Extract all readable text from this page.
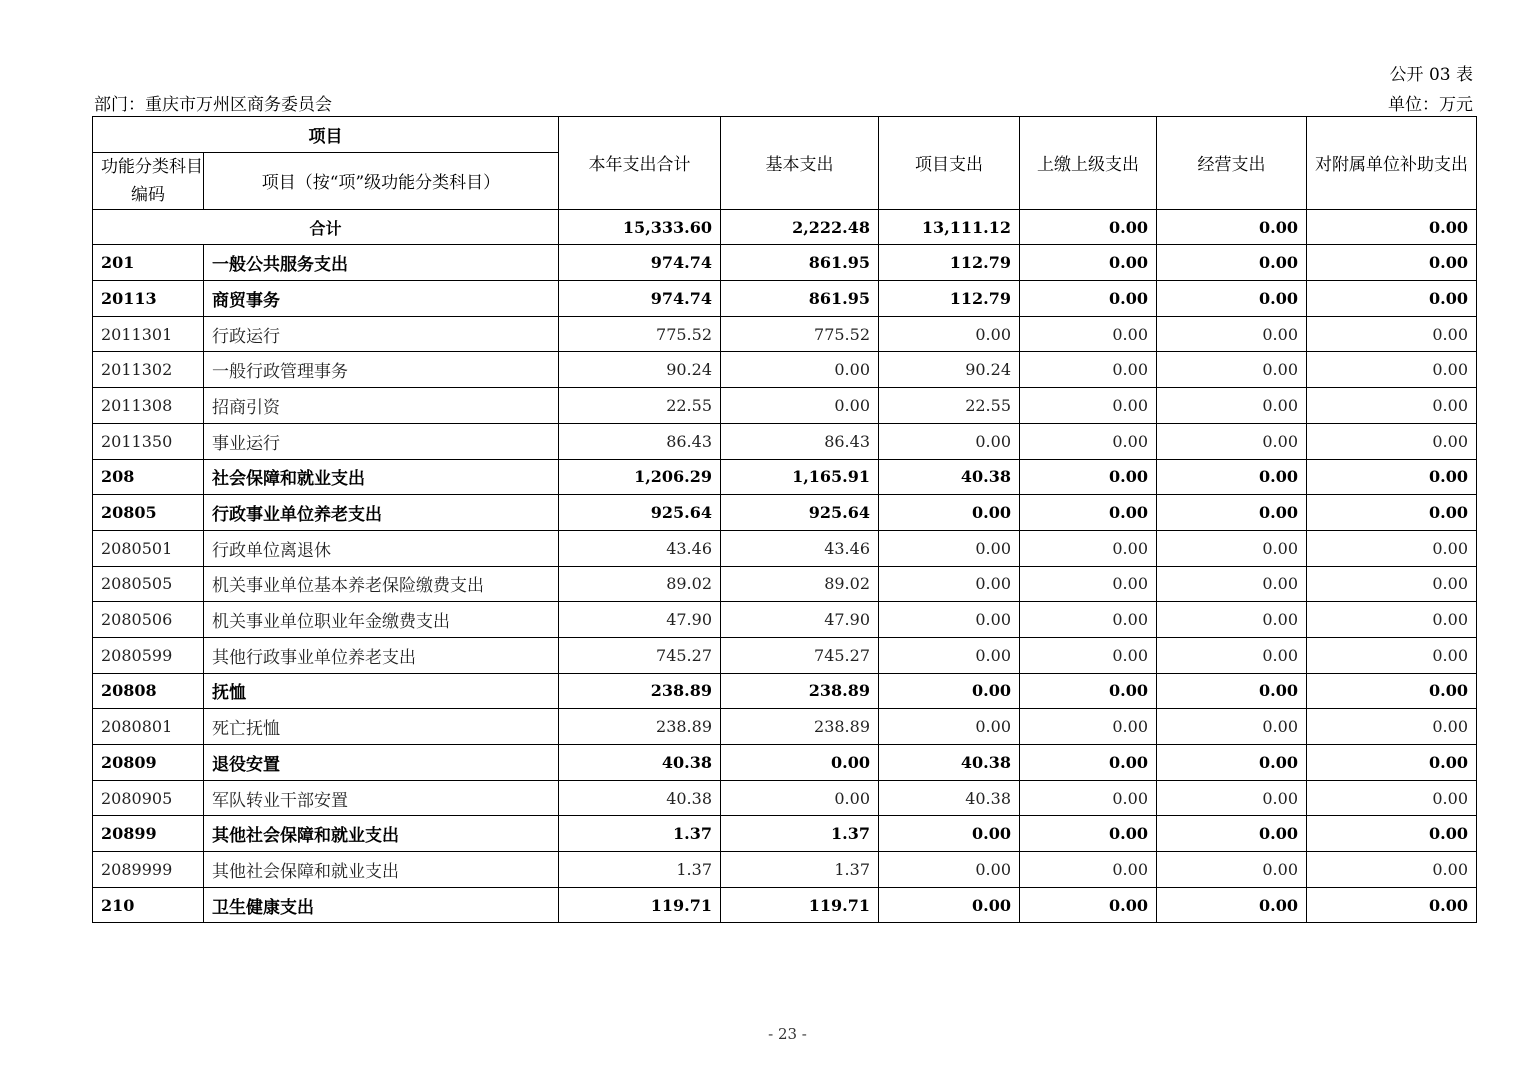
公开 03 表
部门：重庆市万州区商务委员会	单位：万元
项目		本年支出合计	基本支出	项目支出	上缴上级支出	经营支出	对附属单位补助支出

功能分类科目
编码	项目（按“项”级功能分类科目）						
合计		15,333.60	2,222.48	13,111.12	0.00	0.00	0.00
201	一般公共服务支出	974.74	861.95	112.79	0.00	0.00	0.00
20113	商贸事务	974.74	861.95	112.79	0.00	0.00	0.00
2011301	行政运行	775.52	775.52	0.00	0.00	0.00	0.00
2011302	一般行政管理事务	90.24	0.00	90.24	0.00	0.00	0.00
2011308	招商引资	22.55	0.00	22.55	0.00	0.00	0.00
2011350	事业运行	86.43	86.43	0.00	0.00	0.00	0.00
208	社会保障和就业支出	1,206.29	1,165.91	40.38	0.00	0.00	0.00
20805	行政事业单位养老支出	925.64	925.64	0.00	0.00	0.00	0.00
2080501	行政单位离退休	43.46	43.46	0.00	0.00	0.00	0.00
2080505	机关事业单位基本养老保险缴费支出	89.02	89.02	0.00	0.00	0.00	0.00
2080506	机关事业单位职业年金缴费支出	47.90	47.90	0.00	0.00	0.00	0.00
2080599	其他行政事业单位养老支出	745.27	745.27	0.00	0.00	0.00	0.00
20808	抚恤	238.89	238.89	0.00	0.00	0.00	0.00
2080801	死亡抚恤	238.89	238.89	0.00	0.00	0.00	0.00
20809	退役安置	40.38	0.00	40.38	0.00	0.00	0.00
2080905	军队转业干部安置	40.38	0.00	40.38	0.00	0.00	0.00
20899	其他社会保障和就业支出	1.37	1.37	0.00	0.00	0.00	0.00
2089999	其他社会保障和就业支出	1.37	1.37	0.00	0.00	0.00	0.00
210	卫生健康支出	119.71	119.71	0.00	0.00	0.00	0.00
- 23 -
